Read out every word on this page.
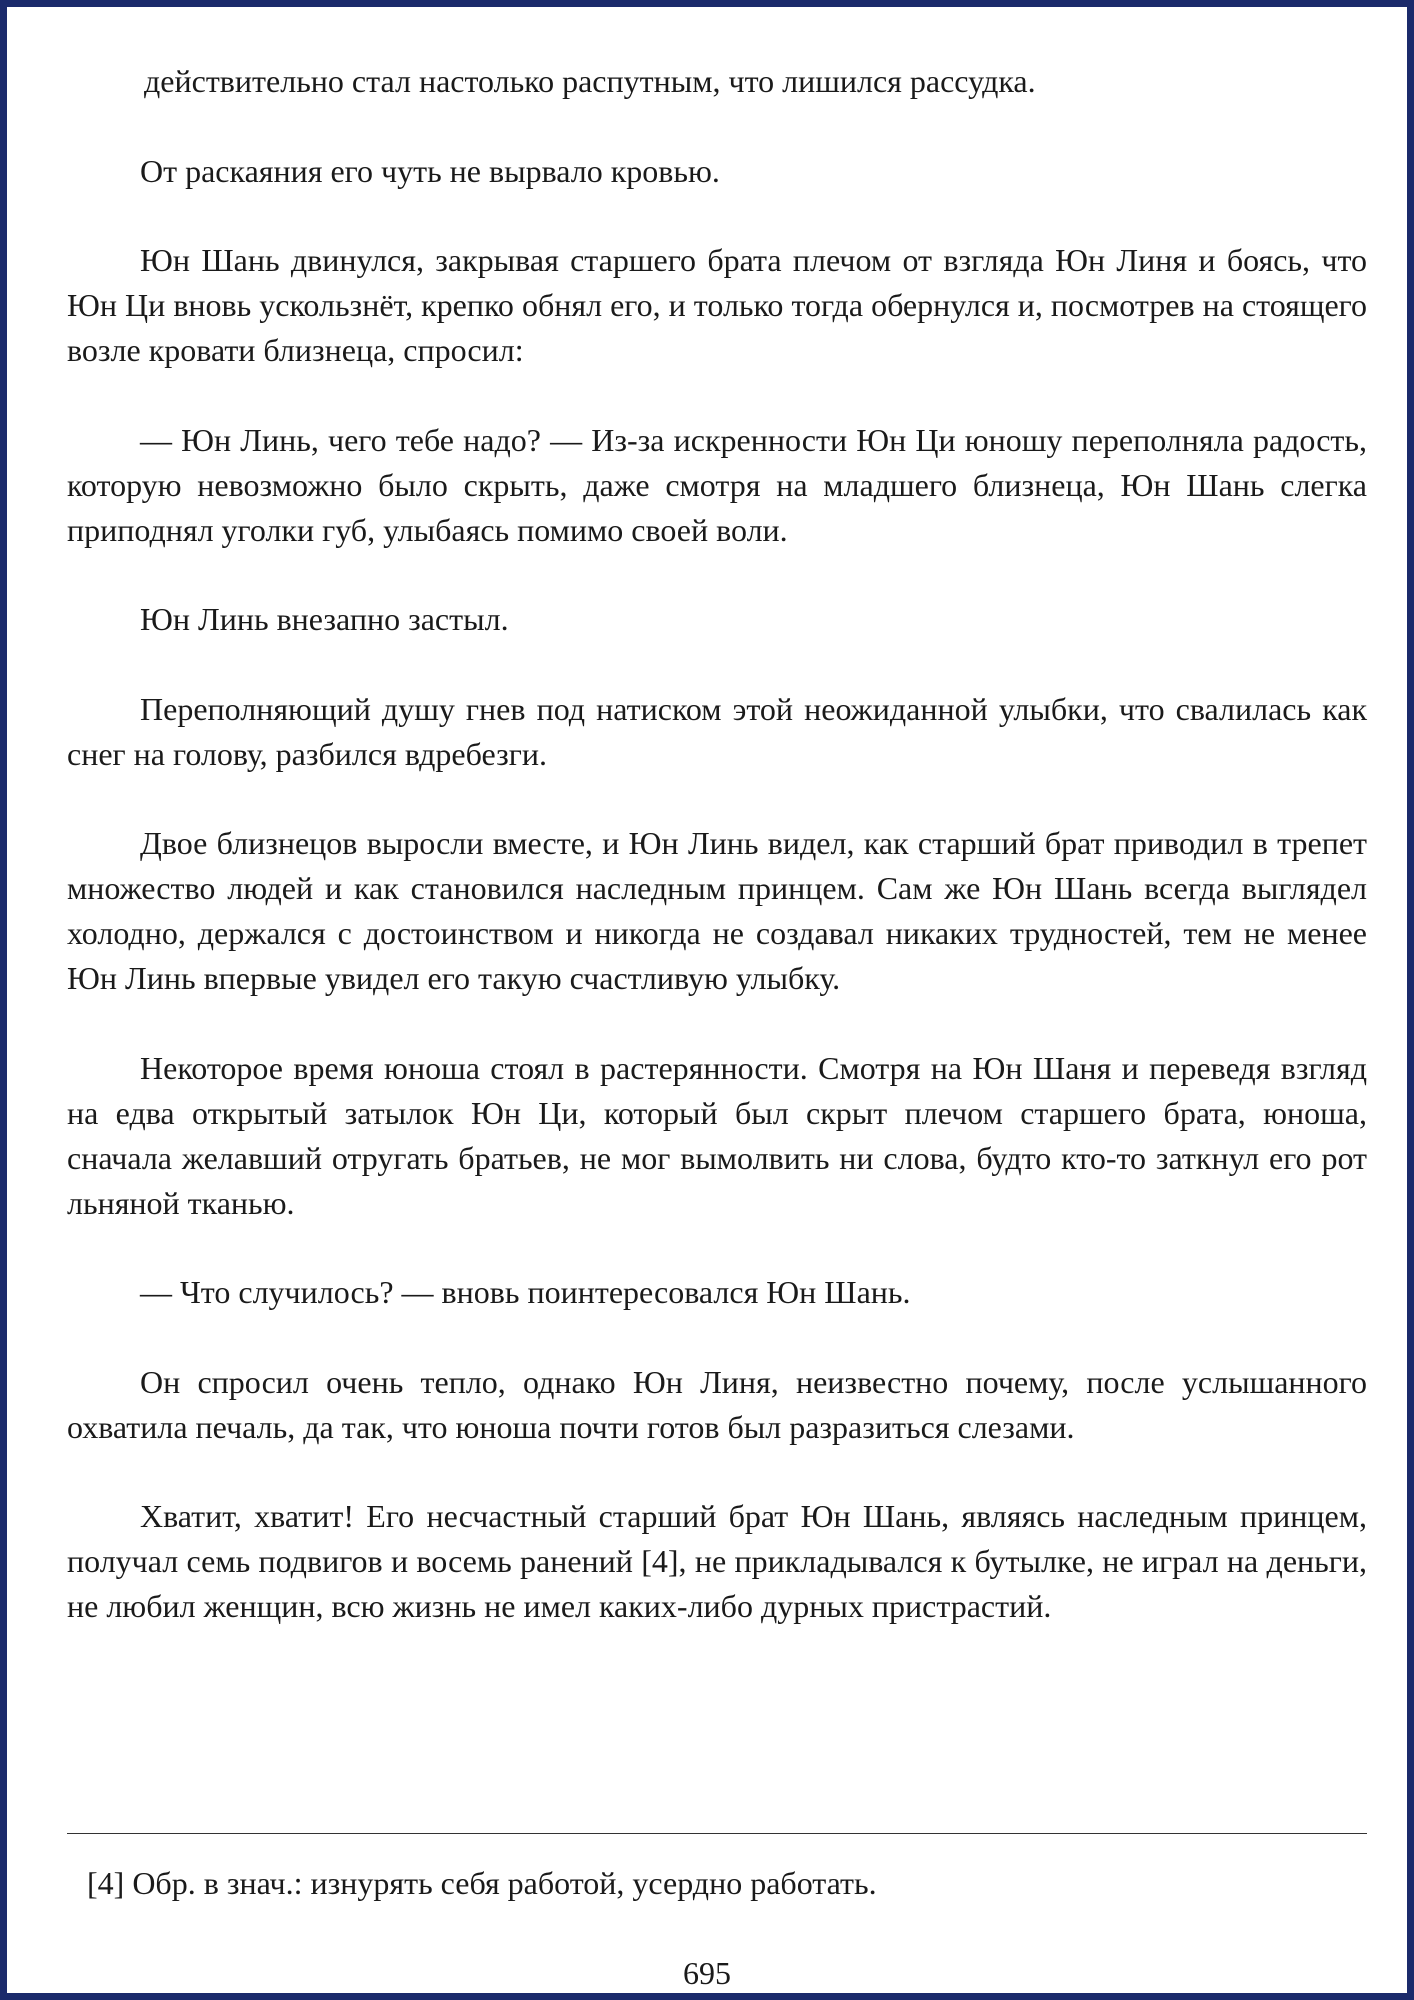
действительно стал настолько распутным, что лишился рассудка.

От раскаяния его чуть не вырвало кровью.

Юн Шань двинулся, закрывая старшего брата плечом от взгляда Юн Линя и боясь, что Юн Ци вновь ускользнёт, крепко обнял его, и только тогда обернулся и, посмотрев на стоящего возле кровати близнеца, спросил:

— Юн Линь, чего тебе надо? — Из-за искренности Юн Ци юношу переполняла радость, которую невозможно было скрыть, даже смотря на младшего близнеца, Юн Шань слегка приподнял уголки губ, улыбаясь помимо своей воли.

Юн Линь внезапно застыл.

Переполняющий душу гнев под натиском этой неожиданной улыбки, что свалилась как снег на голову, разбился вдребезги.

Двое близнецов выросли вместе, и Юн Линь видел, как старший брат приводил в трепет множество людей и как становился наследным принцем. Сам же Юн Шань всегда выглядел холодно, держался с достоинством и никогда не создавал никаких трудностей, тем не менее Юн Линь впервые увидел его такую счастливую улыбку.

Некоторое время юноша стоял в растерянности. Смотря на Юн Шаня и переведя взгляд на едва открытый затылок Юн Ци, который был скрыт плечом старшего брата, юноша, сначала желавший отругать братьев, не мог вымолвить ни слова, будто кто-то заткнул его рот льняной тканью.

— Что случилось? — вновь поинтересовался Юн Шань.

Он спросил очень тепло, однако Юн Линя, неизвестно почему, после услышанного охватила печаль, да так, что юноша почти готов был разразиться слезами.

Хватит, хватит! Его несчастный старший брат Юн Шань, являясь наследным принцем, получал семь подвигов и восемь ранений [4], не прикладывался к бутылке, не играл на деньги, не любил женщин, всю жизнь не имел каких-либо дурных пристрастий.

[4] Обр. в знач.: изнурять себя работой, усердно работать.

695
